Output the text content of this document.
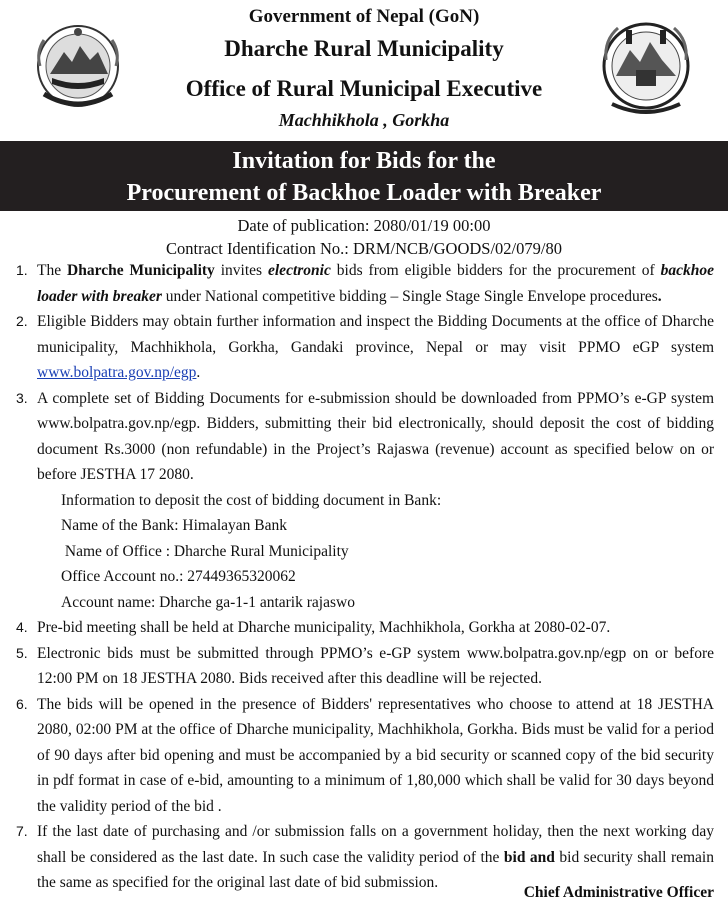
Government of Nepal (GoN)
Dharche Rural Municipality
Office of Rural Municipal Executive
Machhikhola , Gorkha
Invitation for Bids for the
Procurement of Backhoe Loader with Breaker
Date of publication: 2080/01/19 00:00
Contract Identification No.: DRM/NCB/GOODS/02/079/80
1. The Dharche Municipality invites electronic bids from eligible bidders for the procurement of backhoe loader with breaker under National competitive bidding – Single Stage Single Envelope procedures.
2. Eligible Bidders may obtain further information and inspect the Bidding Documents at the office of Dharche municipality, Machhikhola, Gorkha, Gandaki province, Nepal or may visit PPMO eGP system www.bolpatra.gov.np/egp.
3. A complete set of Bidding Documents for e-submission should be downloaded from PPMO’s e-GP system www.bolpatra.gov.np/egp. Bidders, submitting their bid electronically, should deposit the cost of bidding document Rs.3000 (non refundable) in the Project’s Rajaswa (revenue) account as specified below on or before JESTHA 17 2080.
Information to deposit the cost of bidding document in Bank:
Name of the Bank: Himalayan Bank
Name of Office : Dharche Rural Municipality
Office Account no.: 27449365320062
Account name: Dharche ga-1-1 antarik rajaswo
4. Pre-bid meeting shall be held at Dharche municipality, Machhikhola, Gorkha at 2080-02-07.
5. Electronic bids must be submitted through PPMO’s e-GP system www.bolpatra.gov.np/egp on or before 12:00 PM on 18 JESTHA 2080. Bids received after this deadline will be rejected.
6. The bids will be opened in the presence of Bidders' representatives who choose to attend at 18 JESTHA 2080, 02:00 PM at the office of Dharche municipality, Machhikhola, Gorkha. Bids must be valid for a period of 90 days after bid opening and must be accompanied by a bid security or scanned copy of the bid security in pdf format in case of e-bid, amounting to a minimum of 1,80,000 which shall be valid for 30 days beyond the validity period of the bid .
7. If the last date of purchasing and /or submission falls on a government holiday, then the next working day shall be considered as the last date. In such case the validity period of the bid and bid security shall remain the same as specified for the original last date of bid submission.
Chief Administrative Officer
